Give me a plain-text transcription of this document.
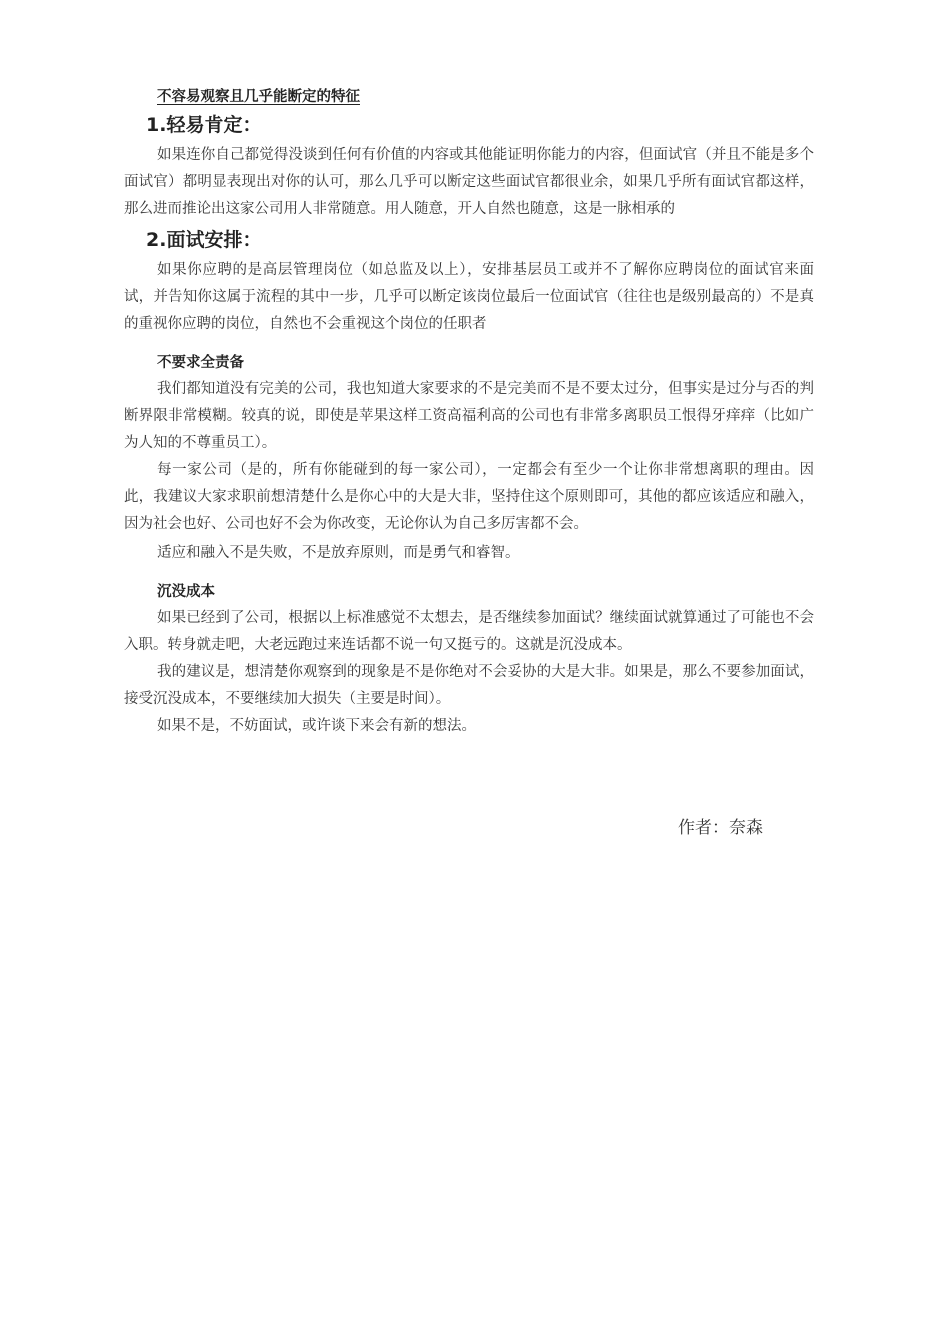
不容易观察且几乎能断定的特征
1.轻易肯定：

如果连你自己都觉得没谈到任何有价值的内容或其他能证明你能力的内容，但面试官（并且不能是多个面试官）都明显表现出对你的认可，那么几乎可以断定这些面试官都很业余，如果几乎所有面试官都这样，那么进而推论出这家公司用人非常随意。用人随意，开人自然也随意，这是一脉相承的

2.面试安排：

如果你应聘的是高层管理岗位（如总监及以上），安排基层员工或并不了解你应聘岗位的面试官来面试，并告知你这属于流程的其中一步，几乎可以断定该岗位最后一位面试官（往往也是级别最高的）不是真的重视你应聘的岗位，自然也不会重视这个岗位的任职者

不要求全责备

我们都知道没有完美的公司，我也知道大家要求的不是完美而不是不要太过分，但事实是过分与否的判断界限非常模糊。较真的说，即使是苹果这样工资高福利高的公司也有非常多离职员工恨得牙痒痒（比如广为人知的不尊重员工）。

每一家公司（是的，所有你能碰到的每一家公司），一定都会有至少一个让你非常想离职的理由。因此，我建议大家求职前想清楚什么是你心中的大是大非，坚持住这个原则即可，其他的都应该适应和融入，因为社会也好、公司也好不会为你改变，无论你认为自己多厉害都不会。

适应和融入不是失败，不是放弃原则，而是勇气和睿智。

沉没成本

如果已经到了公司，根据以上标准感觉不太想去，是否继续参加面试？继续面试就算通过了可能也不会入职。转身就走吧，大老远跑过来连话都不说一句又挺亏的。这就是沉没成本。

我的建议是，想清楚你观察到的现象是不是你绝对不会妥协的大是大非。如果是，那么不要参加面试，接受沉没成本，不要继续加大损失（主要是时间）。

如果不是，不妨面试，或许谈下来会有新的想法。

作者：奈森
